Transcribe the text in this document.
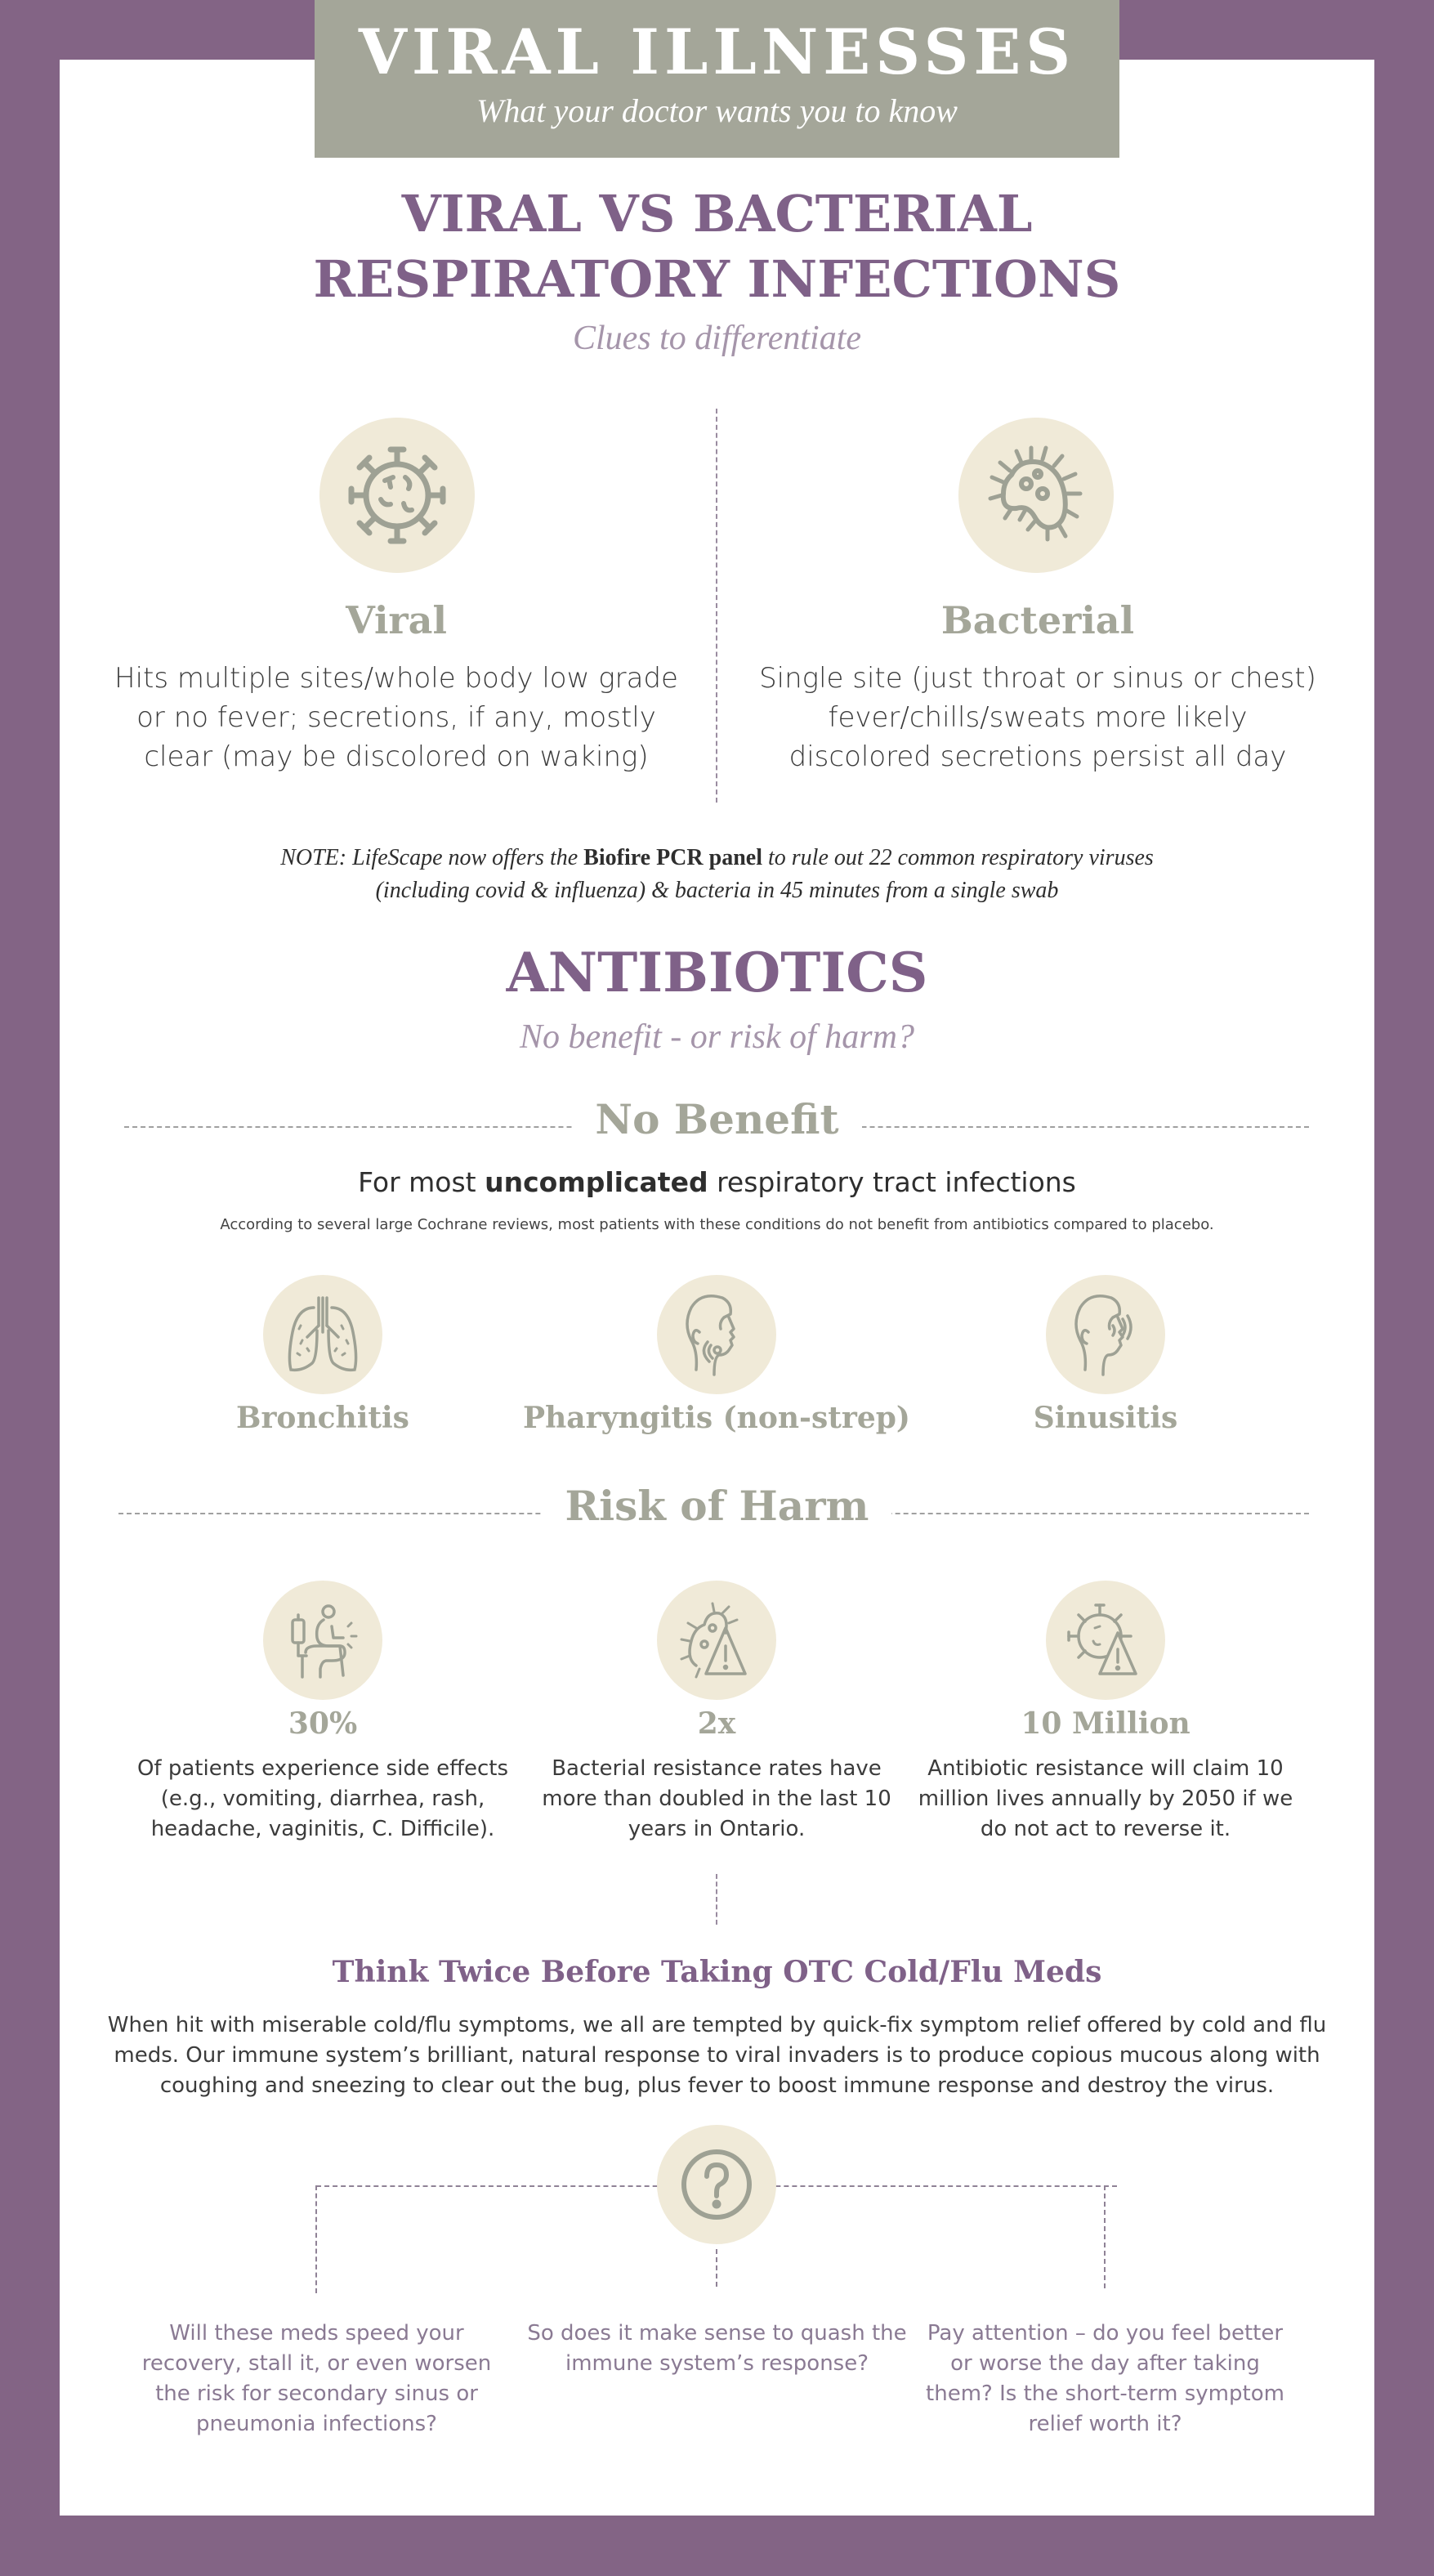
VIRAL ILLNESSES
What your doctor wants you to know
VIRAL VS BACTERIAL
RESPIRATORY INFECTIONS
Clues to differentiate
Viral
Hits multiple sites/whole body low grade
or no fever; secretions, if any, mostly
clear (may be discolored on waking)
Bacterial
Single site (just throat or sinus or chest)
fever/chills/sweats more likely
discolored secretions persist all day
NOTE: LifeScape now offers the Biofire PCR panel to rule out 22 common respiratory viruses
(including covid & influenza) & bacteria in 45 minutes from a single swab
ANTIBIOTICS
No benefit - or risk of harm?
No Benefit
For most uncomplicated respiratory tract infections
According to several large Cochrane reviews, most patients with these conditions do not benefit from antibiotics compared to placebo.
Bronchitis	Pharyngitis (non-strep)	Sinusitis
Risk of Harm
30%
Of patients experience side effects
(e.g., vomiting, diarrhea, rash,
headache, vaginitis, C. Difficile).
2x
Bacterial resistance rates have
more than doubled in the last 10
years in Ontario.
10 Million
Antibiotic resistance will claim 10
million lives annually by 2050 if we
do not act to reverse it.
Think Twice Before Taking OTC Cold/Flu Meds
When hit with miserable cold/flu symptoms, we all are tempted by quick-fix symptom relief offered by cold and flu
meds. Our immune system’s brilliant, natural response to viral invaders is to produce copious mucous along with
coughing and sneezing to clear out the bug, plus fever to boost immune response and destroy the virus.
Will these meds speed your
recovery, stall it, or even worsen
the risk for secondary sinus or
pneumonia infections?
So does it make sense to quash the
immune system’s response?
Pay attention – do you feel better
or worse the day after taking
them? Is the short-term symptom
relief worth it?
